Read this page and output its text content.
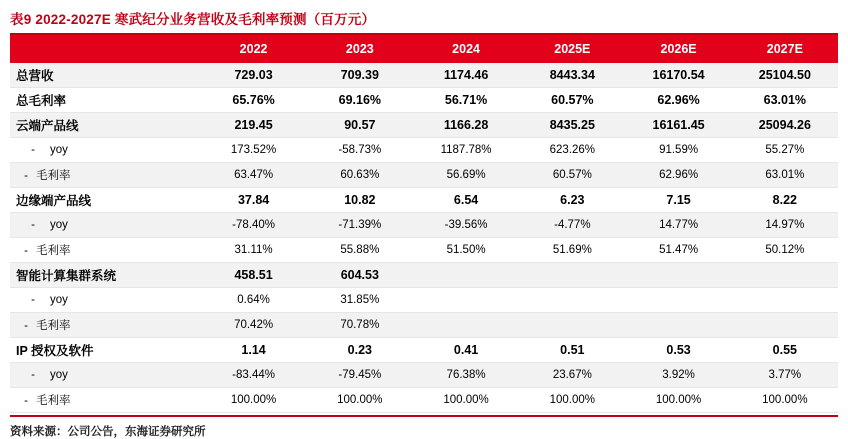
表9 2022-2027E 寒武纪分业务营收及毛利率预测（百万元）
	2022	2023	2024	2025E	2026E	2027E
总营收	729.03	709.39	1174.46	8443.34	16170.54	25104.50
总毛利率	65.76%	69.16%	56.71%	60.57%	62.96%	63.01%
云端产品线	219.45	90.57	1166.28	8435.25	16161.45	25094.26
- yoy	173.52%	-58.73%	1187.78%	623.26%	91.59%	55.27%
- 毛利率	63.47%	60.63%	56.69%	60.57%	62.96%	63.01%
边缘端产品线	37.84	10.82	6.54	6.23	7.15	8.22
- yoy	-78.40%	-71.39%	-39.56%	-4.77%	14.77%	14.97%
- 毛利率	31.11%	55.88%	51.50%	51.69%	51.47%	50.12%
智能计算集群系统	458.51	604.53				
- yoy	0.64%	31.85%				
- 毛利率	70.42%	70.78%				
IP 授权及软件	1.14	0.23	0.41	0.51	0.53	0.55
- yoy	-83.44%	-79.45%	76.38%	23.67%	3.92%	3.77%
- 毛利率	100.00%	100.00%	100.00%	100.00%	100.00%	100.00%
资料来源：公司公告，东海证券研究所
